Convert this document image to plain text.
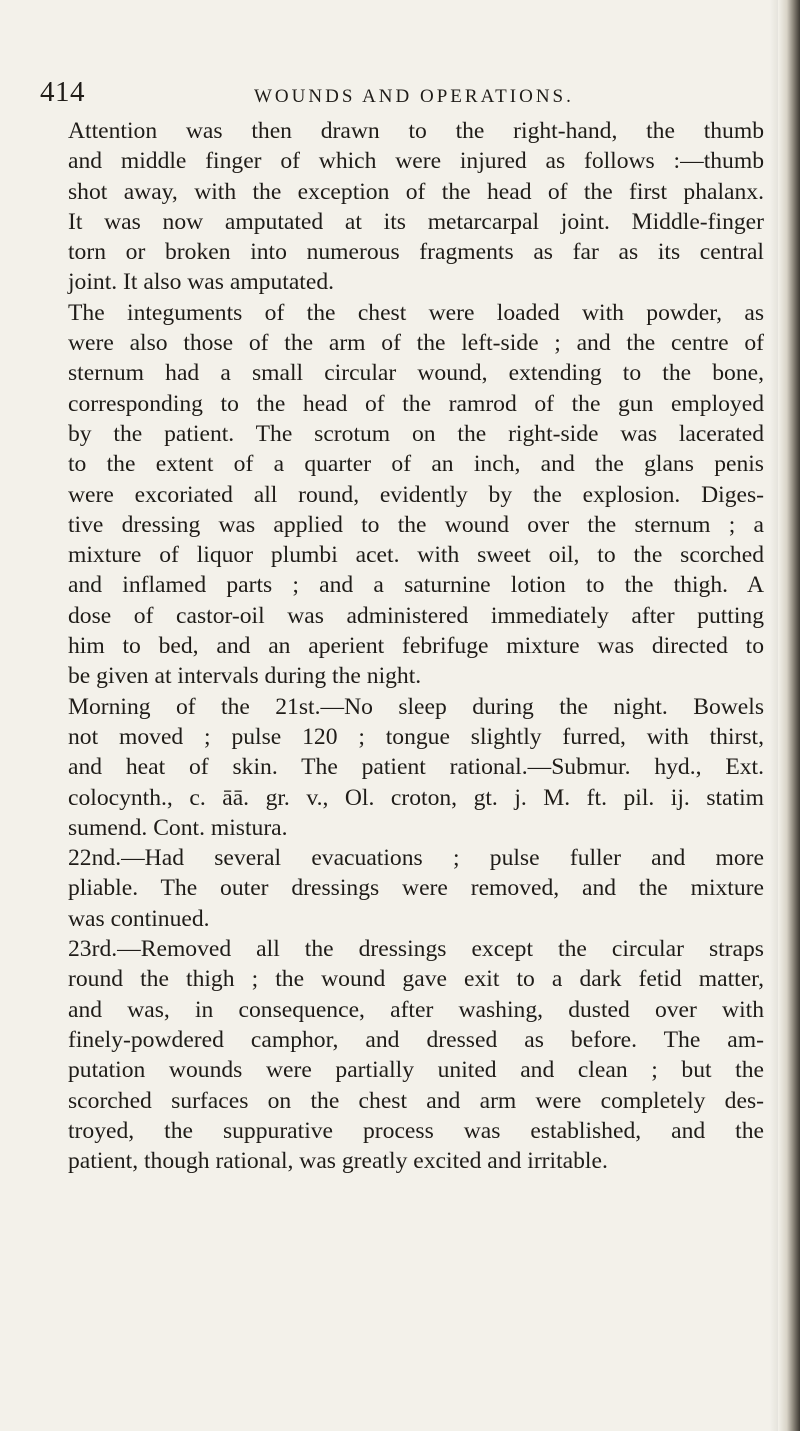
414	WOUNDS AND OPERATIONS.
Attention was then drawn to the right-hand, the thumb
and middle finger of which were injured as follows :—thumb
shot away, with the exception of the head of the first phalanx.
It was now amputated at its metarcarpal joint. Middle-finger
torn or broken into numerous fragments as far as its central
joint. It also was amputated.
The integuments of the chest were loaded with powder, as
were also those of the arm of the left-side ; and the centre of
sternum had a small circular wound, extending to the bone,
corresponding to the head of the ramrod of the gun employed
by the patient. The scrotum on the right-side was lacerated
to the extent of a quarter of an inch, and the glans penis
were excoriated all round, evidently by the explosion. Diges-
tive dressing was applied to the wound over the sternum ; a
mixture of liquor plumbi acet. with sweet oil, to the scorched
and inflamed parts ; and a saturnine lotion to the thigh. A
dose of castor-oil was administered immediately after putting
him to bed, and an aperient febrifuge mixture was directed to
be given at intervals during the night.
Morning of the 21st.—No sleep during the night. Bowels
not moved ; pulse 120 ; tongue slightly furred, with thirst,
and heat of skin. The patient rational.—Submur. hyd., Ext.
colocynth., c. āā. gr. v., Ol. croton, gt. j. M. ft. pil. ij. statim
sumend. Cont. mistura.
22nd.—Had several evacuations ; pulse fuller and more
pliable. The outer dressings were removed, and the mixture
was continued.
23rd.—Removed all the dressings except the circular straps
round the thigh ; the wound gave exit to a dark fetid matter,
and was, in consequence, after washing, dusted over with
finely-powdered camphor, and dressed as before. The am-
putation wounds were partially united and clean ; but the
scorched surfaces on the chest and arm were completely des-
troyed, the suppurative process was established, and the
patient, though rational, was greatly excited and irritable.
